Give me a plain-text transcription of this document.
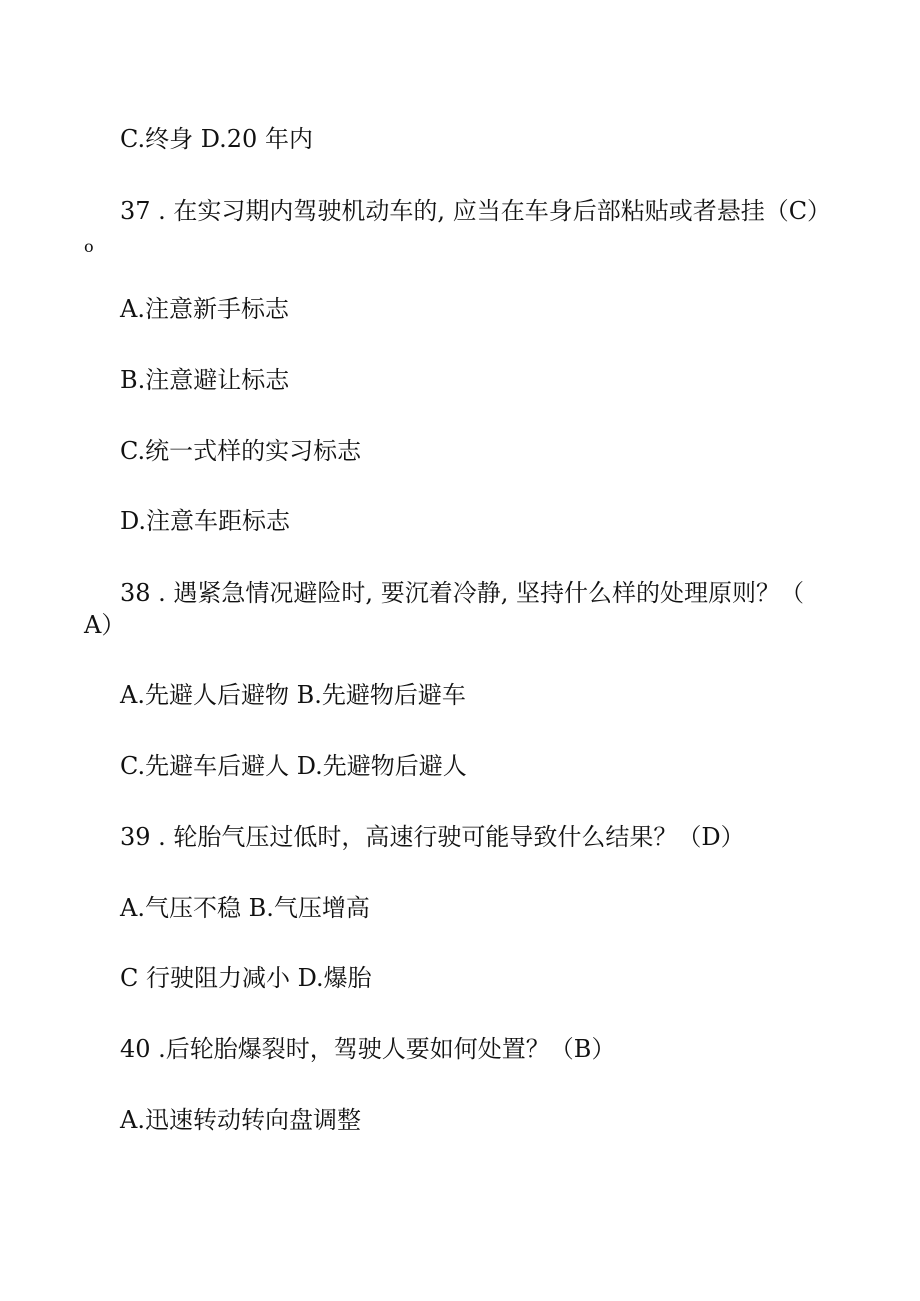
C.终身 D.20 年内
37 . 在实习期内驾驶机动车的, 应当在车身后部粘贴或者悬挂（C）
o
A.注意新手标志
B.注意避让标志
C.统一式样的实习标志
D.注意车距标志
38 . 遇紧急情况避险时, 要沉着冷静, 坚持什么样的处理原则？（
A）
A.先避人后避物 B.先避物后避车
C.先避车后避人 D.先避物后避人
39 . 轮胎气压过低时，高速行驶可能导致什么结果？（D）
A.气压不稳 B.气压增高
C 行驶阻力减小 D.爆胎
40 .后轮胎爆裂时，驾驶人要如何处置？（B）
A.迅速转动转向盘调整
